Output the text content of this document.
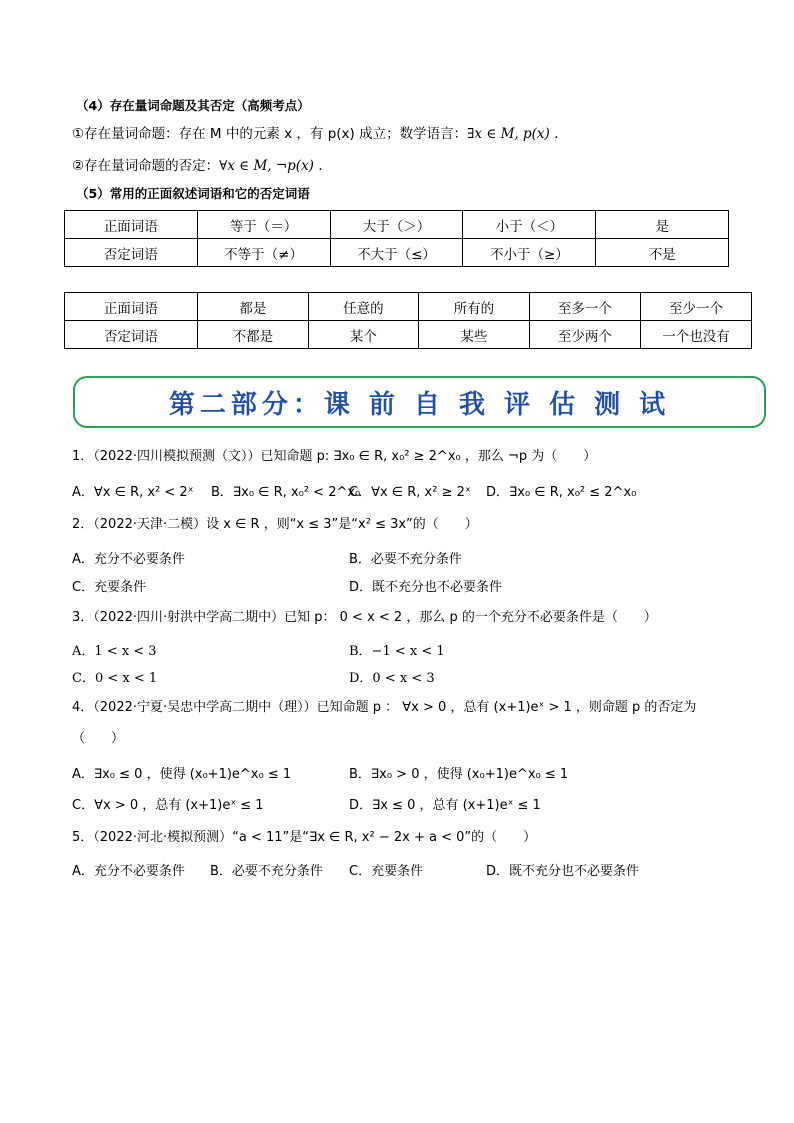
（4）存在量词命题及其否定（高频考点）
①存在量词命题：存在 M 中的元素 x ，有 p(x) 成立；数学语言：∃x ∈ M, p(x) .
②存在量词命题的否定：∀x ∈ M, ¬p(x) .
（5）常用的正面叙述词语和它的否定词语
正面词语	等于（＝）	大于（＞）	小于（＜）	是
否定词语	不等于（≠）	不大于（≤）	不小于（≥）	不是
正面词语	都是	任意的	所有的	至多一个	至少一个
否定词语	不都是	某个	某些	至少两个	一个也没有
第二部分：课 前 自 我 评 估 测 试
1．（2022·四川模拟预测（文））已知命题 p: ∃x₀ ∈ R, x₀² ≥ 2^x₀ ，那么 ¬p 为（　　）
A．∀x ∈ R, x² < 2ˣ B．∃x₀ ∈ R, x₀² < 2^x₀
C．∀x ∈ R, x² ≥ 2ˣ D．∃x₀ ∈ R, x₀² ≤ 2^x₀
2．（2022·天津·二模）设 x ∈ R ，则“x ≤ 3”是“x² ≤ 3x”的（　　）
A．充分不必要条件	B．必要不充分条件
C．充要条件	D．既不充分也不必要条件
3．（2022·四川·射洪中学高二期中）已知 p： 0 < x < 2 ，那么 p 的一个充分不必要条件是（　　）
A．1 < x < 3	B．−1 < x < 1
C．0 < x < 1	D．0 < x < 3
4．（2022·宁夏·吴忠中学高二期中（理））已知命题 p ： ∀x > 0 ，总有 (x+1)eˣ > 1 ，则命题 p 的否定为
（　　）
A．∃x₀ ≤ 0 ，使得 (x₀+1)e^x₀ ≤ 1	B．∃x₀ > 0 ，使得 (x₀+1)e^x₀ ≤ 1
C．∀x > 0 ，总有 (x+1)eˣ ≤ 1	D．∃x ≤ 0 ，总有 (x+1)eˣ ≤ 1
5．（2022·河北·模拟预测）“a < 11”是“∃x ∈ R, x² − 2x + a < 0”的（　　）
A．充分不必要条件 B．必要不充分条件 C．充要条件	D．既不充分也不必要条件
